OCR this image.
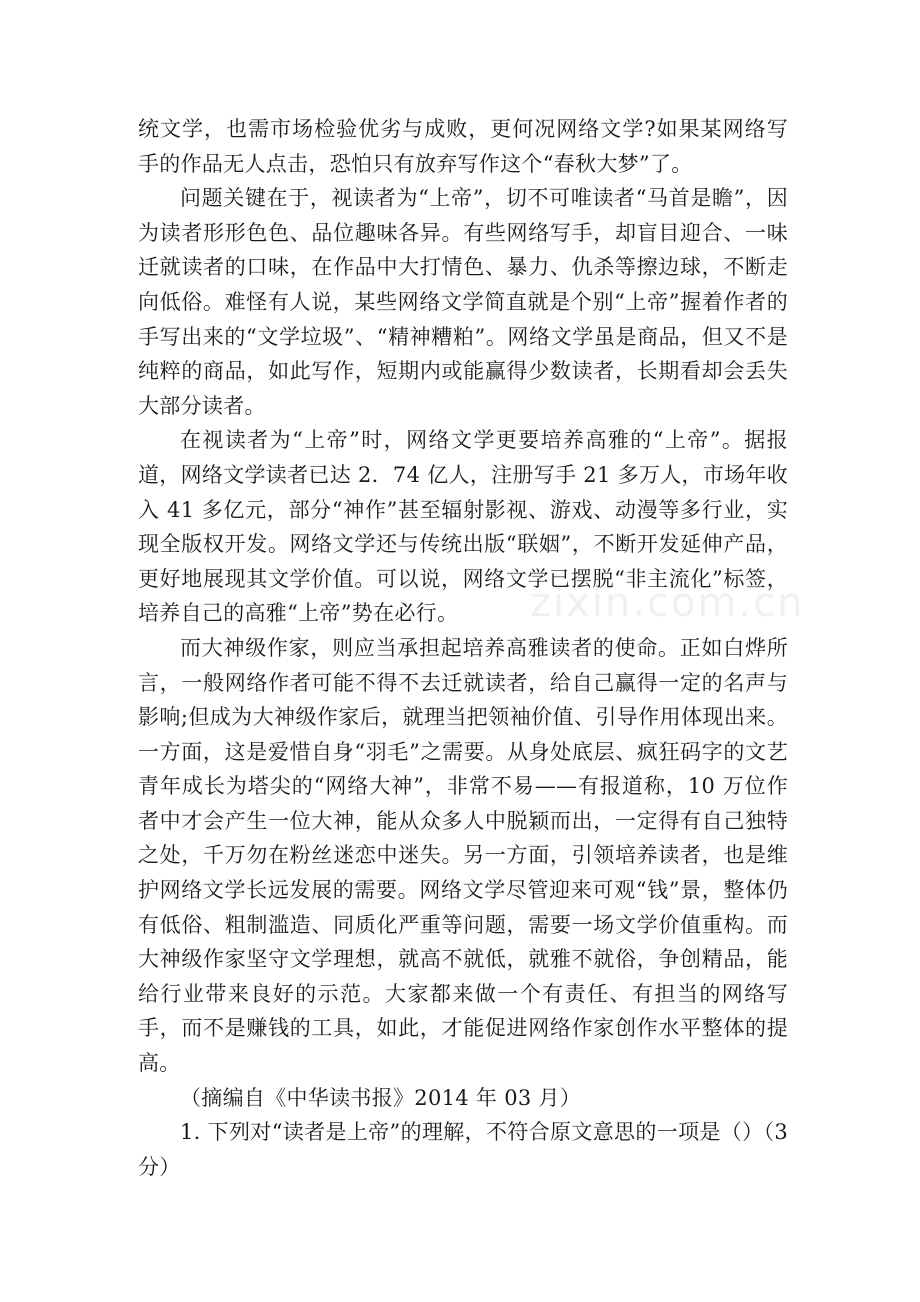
统文学，也需市场检验优劣与成败，更何况网络文学?如果某网络写手的作品无人点击，恐怕只有放弃写作这个“春秋大梦”了。

问题关键在于，视读者为“上帝”，切不可唯读者“马首是瞻”，因为读者形形色色、品位趣味各异。有些网络写手，却盲目迎合、一味迁就读者的口味，在作品中大打情色、暴力、仇杀等擦边球，不断走向低俗。难怪有人说，某些网络文学简直就是个别“上帝”握着作者的手写出来的“文学垃圾”、“精神糟粕”。网络文学虽是商品，但又不是纯粹的商品，如此写作，短期内或能赢得少数读者，长期看却会丢失大部分读者。

在视读者为“上帝”时，网络文学更要培养高雅的“上帝”。据报道，网络文学读者已达 2．74 亿人，注册写手 21 多万人，市场年收入 41 多亿元，部分“神作”甚至辐射影视、游戏、动漫等多行业，实现全版权开发。网络文学还与传统出版“联姻”，不断开发延伸产品，更好地展现其文学价值。可以说，网络文学已摆脱“非主流化”标签，培养自己的高雅“上帝”势在必行。

而大神级作家，则应当承担起培养高雅读者的使命。正如白烨所言，一般网络作者可能不得不去迁就读者，给自己赢得一定的名声与影响;但成为大神级作家后，就理当把领袖价值、引导作用体现出来。一方面，这是爱惜自身“羽毛”之需要。从身处底层、疯狂码字的文艺青年成长为塔尖的“网络大神”，非常不易——有报道称，10 万位作者中才会产生一位大神，能从众多人中脱颖而出，一定得有自己独特之处，千万勿在粉丝迷恋中迷失。另一方面，引领培养读者，也是维护网络文学长远发展的需要。网络文学尽管迎来可观“钱”景，整体仍有低俗、粗制滥造、同质化严重等问题，需要一场文学价值重构。而大神级作家坚守文学理想，就高不就低，就雅不就俗，争创精品，能给行业带来良好的示范。大家都来做一个有责任、有担当的网络写手，而不是赚钱的工具，如此，才能促进网络作家创作水平整体的提高。

（摘编自《中华读书报》2014 年 03 月）

1. 下列对“读者是上帝”的理解，不符合原文意思的一项是（）（3 分）

zixin.com.cn
